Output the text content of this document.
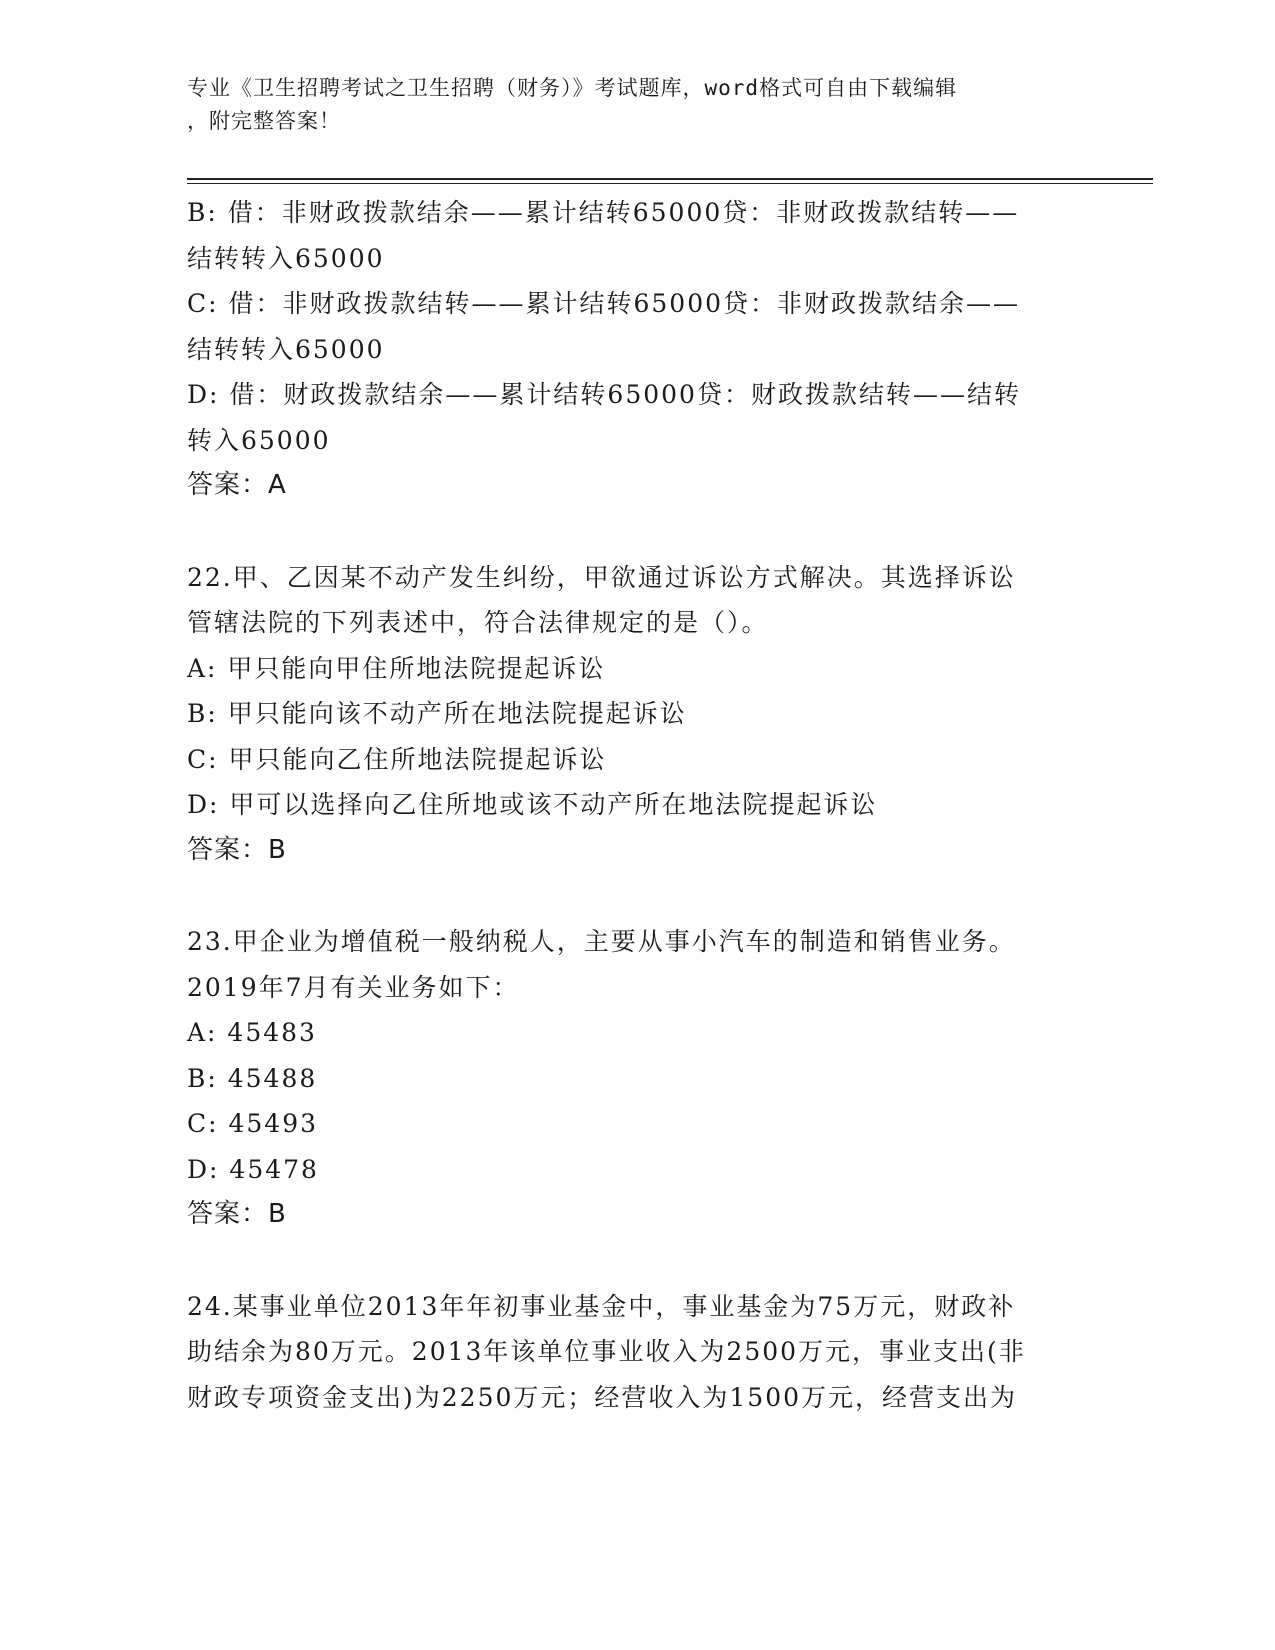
专业《卫生招聘考试之卫生招聘（财务）》考试题库，word格式可自由下载编辑
，附完整答案！
B: 借：非财政拨款结余——累计结转65000贷：非财政拨款结转——
结转转入65000
C: 借：非财政拨款结转——累计结转65000贷：非财政拨款结余——
结转转入65000
D: 借：财政拨款结余——累计结转65000贷：财政拨款结转——结转
转入65000
答案：A
22.甲、乙因某不动产发生纠纷，甲欲通过诉讼方式解决。其选择诉讼
管辖法院的下列表述中，符合法律规定的是（）。
A: 甲只能向甲住所地法院提起诉讼
B: 甲只能向该不动产所在地法院提起诉讼
C: 甲只能向乙住所地法院提起诉讼
D: 甲可以选择向乙住所地或该不动产所在地法院提起诉讼
答案：B
23.甲企业为增值税一般纳税人，主要从事小汽车的制造和销售业务。
2019年7月有关业务如下：
A: 45483
B: 45488
C: 45493
D: 45478
答案：B
24.某事业单位2013年年初事业基金中，事业基金为75万元，财政补
助结余为80万元。2013年该单位事业收入为2500万元，事业支出(非
财政专项资金支出)为2250万元；经营收入为1500万元，经营支出为
